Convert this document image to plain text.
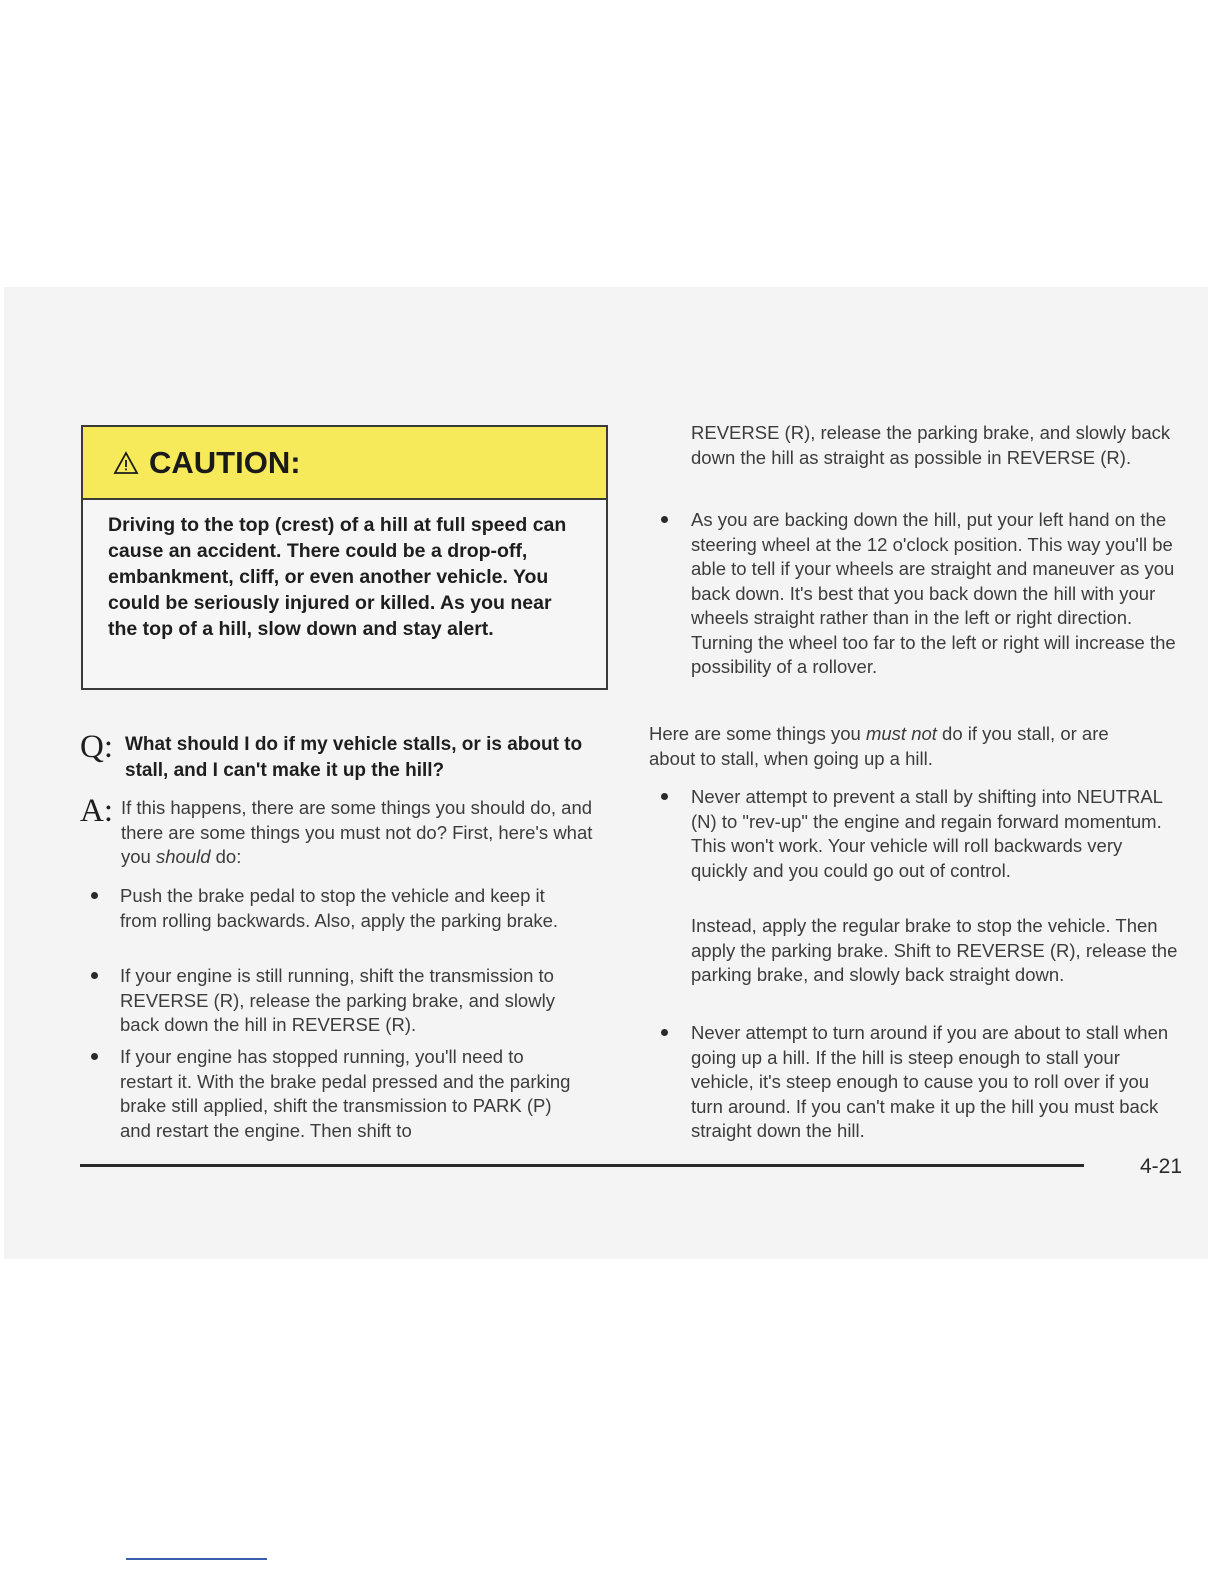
CAUTION:
Driving to the top (crest) of a hill at full speed can cause an accident. There could be a drop-off, embankment, cliff, or even another vehicle. You could be seriously injured or killed. As you near the top of a hill, slow down and stay alert.
Q: What should I do if my vehicle stalls, or is about to stall, and I can't make it up the hill?
A: If this happens, there are some things you should do, and there are some things you must not do? First, here's what you should do:
Push the brake pedal to stop the vehicle and keep it from rolling backwards. Also, apply the parking brake.
If your engine is still running, shift the transmission to REVERSE (R), release the parking brake, and slowly back down the hill in REVERSE (R).
If your engine has stopped running, you'll need to restart it. With the brake pedal pressed and the parking brake still applied, shift the transmission to PARK (P) and restart the engine. Then shift to
REVERSE (R), release the parking brake, and slowly back down the hill as straight as possible in REVERSE (R).
As you are backing down the hill, put your left hand on the steering wheel at the 12 o'clock position. This way you'll be able to tell if your wheels are straight and maneuver as you back down. It's best that you back down the hill with your wheels straight rather than in the left or right direction. Turning the wheel too far to the left or right will increase the possibility of a rollover.
Here are some things you must not do if you stall, or are about to stall, when going up a hill.
Never attempt to prevent a stall by shifting into NEUTRAL (N) to "rev-up" the engine and regain forward momentum. This won't work. Your vehicle will roll backwards very quickly and you could go out of control.
Instead, apply the regular brake to stop the vehicle. Then apply the parking brake. Shift to REVERSE (R), release the parking brake, and slowly back straight down.
Never attempt to turn around if you are about to stall when going up a hill. If the hill is steep enough to stall your vehicle, it's steep enough to cause you to roll over if you turn around. If you can't make it up the hill you must back straight down the hill.
4-21
